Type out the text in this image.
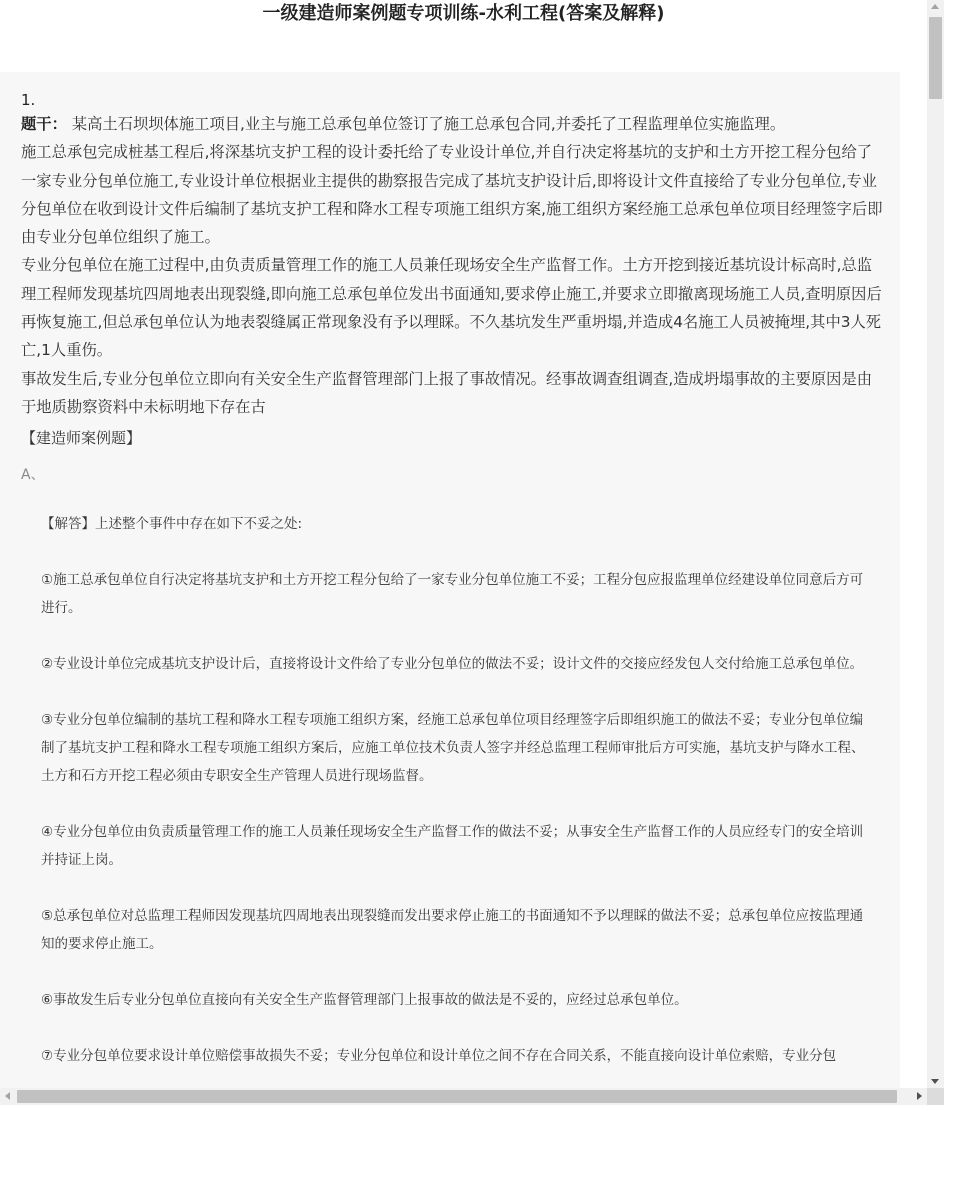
一级建造师案例题专项训练-水利工程(答案及解释)
1.

题干： 某高土石坝坝体施工项目,业主与施工总承包单位签订了施工总承包合同,并委托了工程监理单位实施监理。

施工总承包完成桩基工程后,将深基坑支护工程的设计委托给了专业设计单位,并自行决定将基坑的支护和土方开挖工程分包给了一家专业分包单位施工,专业设计单位根据业主提供的勘察报告完成了基坑支护设计后,即将设计文件直接给了专业分包单位,专业分包单位在收到设计文件后编制了基坑支护工程和降水工程专项施工组织方案,施工组织方案经施工总承包单位项目经理签字后即由专业分包单位组织了施工。

专业分包单位在施工过程中,由负责质量管理工作的施工人员兼任现场安全生产监督工作。土方开挖到接近基坑设计标高时,总监理工程师发现基坑四周地表出现裂缝,即向施工总承包单位发出书面通知,要求停止施工,并要求立即撤离现场施工人员,查明原因后再恢复施工,但总承包单位认为地表裂缝属正常现象没有予以理睬。不久基坑发生严重坍塌,并造成4名施工人员被掩埋,其中3人死亡,1人重伤。

事故发生后,专业分包单位立即向有关安全生产监督管理部门上报了事故情况。经事故调查组调查,造成坍塌事故的主要原因是由于地质勘察资料中未标明地下存在古

【建造师案例题】
A、

【解答】上述整个事件中存在如下不妥之处:

①施工总承包单位自行决定将基坑支护和土方开挖工程分包给了一家专业分包单位施工不妥；工程分包应报监理单位经建设单位同意后方可进行。

②专业设计单位完成基坑支护设计后，直接将设计文件给了专业分包单位的做法不妥；设计文件的交接应经发包人交付给施工总承包单位。

③专业分包单位编制的基坑工程和降水工程专项施工组织方案，经施工总承包单位项目经理签字后即组织施工的做法不妥；专业分包单位编制了基坑支护工程和降水工程专项施工组织方案后，应施工单位技术负责人签字并经总监理工程师审批后方可实施，基坑支护与降水工程、土方和石方开挖工程必须由专职安全生产管理人员进行现场监督。

④专业分包单位由负责质量管理工作的施工人员兼任现场安全生产监督工作的做法不妥；从事安全生产监督工作的人员应经专门的安全培训并持证上岗。

⑤总承包单位对总监理工程师因发现基坑四周地表出现裂缝而发出要求停止施工的书面通知不予以理睬的做法不妥；总承包单位应按监理通知的要求停止施工。

⑥事故发生后专业分包单位直接向有关安全生产监督管理部门上报事故的做法是不妥的，应经过总承包单位。

⑦专业分包单位要求设计单位赔偿事故损失不妥；专业分包单位和设计单位之间不存在合同关系，不能直接向设计单位索赔，专业分包
